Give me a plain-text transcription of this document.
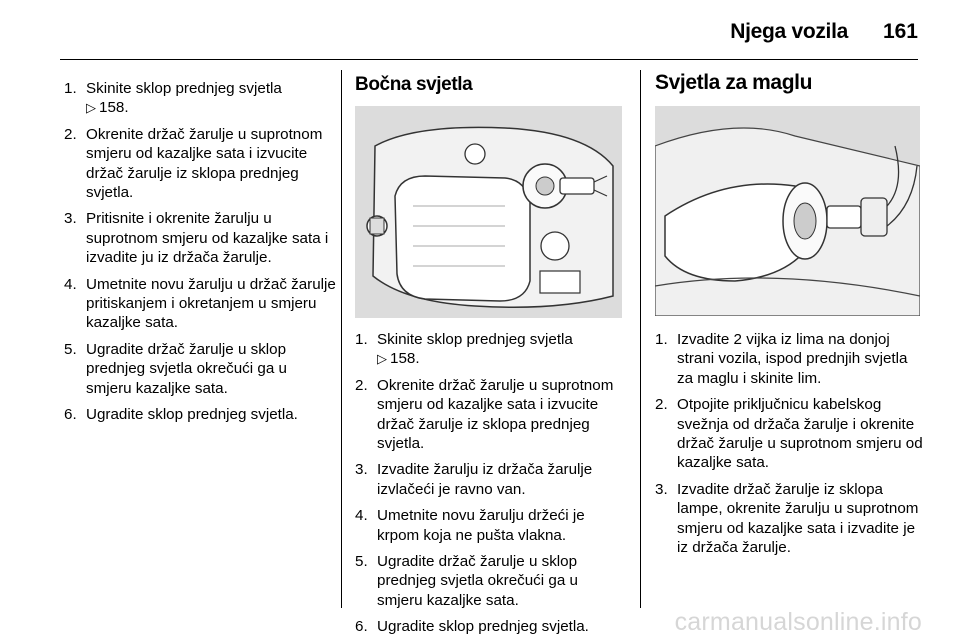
Njega vozila 161
1. Skinite sklop prednjeg svjetla
▷ 158.
2. Okrenite držač žarulje u suprotnom smjeru od kazaljke sata i izvucite držač žarulje iz sklopa prednjeg svjetla.
3. Pritisnite i okrenite žarulju u suprotnom smjeru od kazaljke sata i izvadite ju iz držača žarulje.
4. Umetnite novu žarulju u držač žarulje pritiskanjem i okretanjem u smjeru kazaljke sata.
5. Ugradite držač žarulje u sklop prednjeg svjetla okrečući ga u smjeru kazaljke sata.
6. Ugradite sklop prednjeg svjetla.
Bočna svjetla
1. Skinite sklop prednjeg svjetla
▷ 158.
2. Okrenite držač žarulje u suprotnom smjeru od kazaljke sata i izvucite držač žarulje iz sklopa prednjeg svjetla.
3. Izvadite žarulju iz držača žarulje izvlačeći je ravno van.
4. Umetnite novu žarulju držeći je krpom koja ne pušta vlakna.
5. Ugradite držač žarulje u sklop prednjeg svjetla okrečući ga u smjeru kazaljke sata.
6. Ugradite sklop prednjeg svjetla.
Svjetla za maglu
1. Izvadite 2 vijka iz lima na donjoj strani vozila, ispod prednjih svjetla za maglu i skinite lim.
2. Otpojite priključnicu kabelskog svežnja od držača žarulje i okrenite držač žarulje u suprotnom smjeru od kazaljke sata.
3. Izvadite držač žarulje iz sklopa lampe, okrenite žarulju u suprotnom smjeru od kazaljke sata i izvadite je iz držača žarulje.
carmanualsonline.info
